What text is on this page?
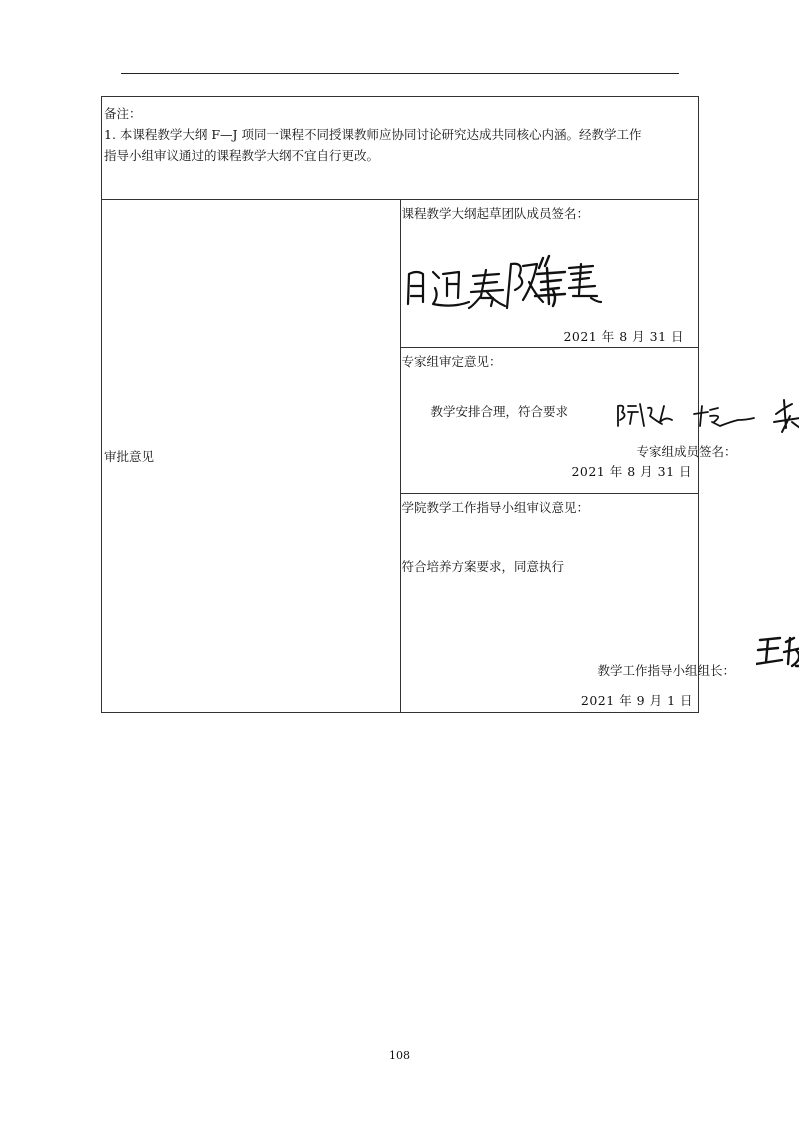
备注：
1. 本课程教学大纲 F—J 项同一课程不同授课教师应协同讨论研究达成共同核心内涵。经教学工作
指导小组审议通过的课程教学大纲不宜自行更改。

审批意见	
课程教学大纲起草团队成员签名：
2021 年 8 月 31 日

专家组审定意见：
教学安排合理，符合要求
专家组成员签名：
2021 年 8 月 31 日

学院教学工作指导小组审议意见：
符合培养方案要求，同意执行
教学工作指导小组组长：
2021 年 9 月 1 日
108
